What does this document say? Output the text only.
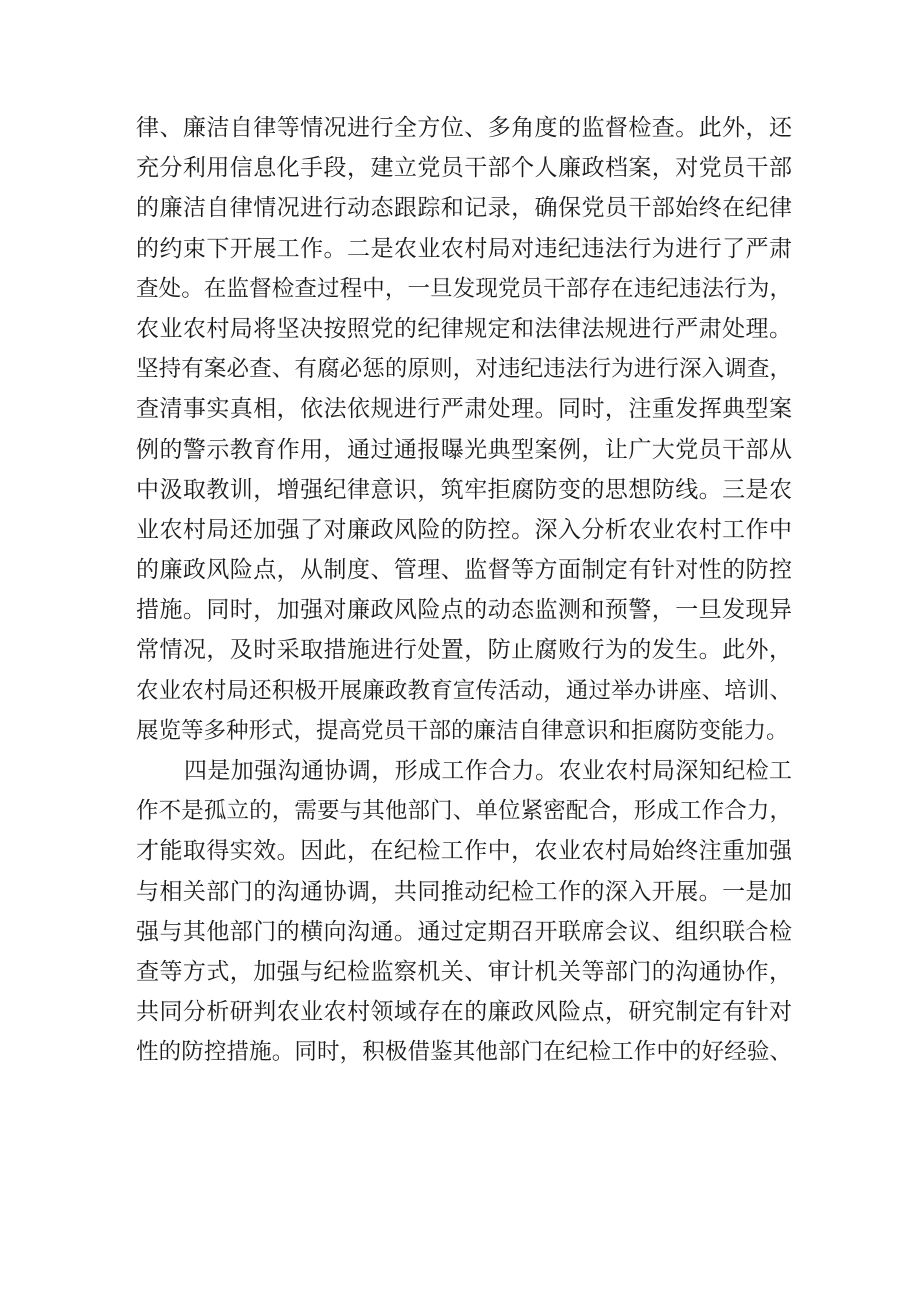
律、廉洁自律等情况进行全方位、多角度的监督检查。此外，还
充分利用信息化手段，建立党员干部个人廉政档案，对党员干部
的廉洁自律情况进行动态跟踪和记录，确保党员干部始终在纪律
的约束下开展工作。二是农业农村局对违纪违法行为进行了严肃
查处。在监督检查过程中，一旦发现党员干部存在违纪违法行为，
农业农村局将坚决按照党的纪律规定和法律法规进行严肃处理。
坚持有案必查、有腐必惩的原则，对违纪违法行为进行深入调查，
查清事实真相，依法依规进行严肃处理。同时，注重发挥典型案
例的警示教育作用，通过通报曝光典型案例，让广大党员干部从
中汲取教训，增强纪律意识，筑牢拒腐防变的思想防线。三是农
业农村局还加强了对廉政风险的防控。深入分析农业农村工作中
的廉政风险点，从制度、管理、监督等方面制定有针对性的防控
措施。同时，加强对廉政风险点的动态监测和预警，一旦发现异
常情况，及时采取措施进行处置，防止腐败行为的发生。此外，
农业农村局还积极开展廉政教育宣传活动，通过举办讲座、培训、
展览等多种形式，提高党员干部的廉洁自律意识和拒腐防变能力。
四是加强沟通协调，形成工作合力。农业农村局深知纪检工
作不是孤立的，需要与其他部门、单位紧密配合，形成工作合力，
才能取得实效。因此，在纪检工作中，农业农村局始终注重加强
与相关部门的沟通协调，共同推动纪检工作的深入开展。一是加
强与其他部门的横向沟通。通过定期召开联席会议、组织联合检
查等方式，加强与纪检监察机关、审计机关等部门的沟通协作，
共同分析研判农业农村领域存在的廉政风险点，研究制定有针对
性的防控措施。同时，积极借鉴其他部门在纪检工作中的好经验、
